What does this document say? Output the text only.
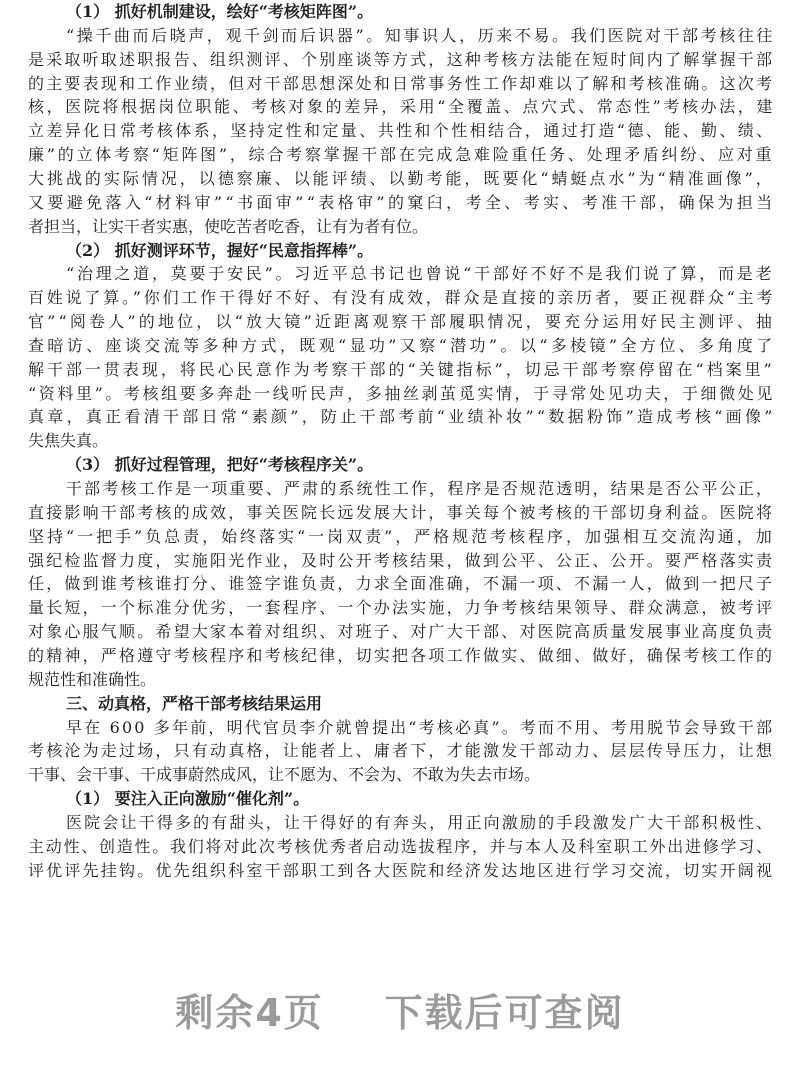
（1） 抓好机制建设，绘好“考核矩阵图”。
“操千曲而后晓声，观千剑而后识器”。知事识人，历来不易。我们医院对干部考核往往
是采取听取述职报告、组织测评、个别座谈等方式，这种考核方法能在短时间内了解掌握干部
的主要表现和工作业绩，但对干部思想深处和日常事务性工作却难以了解和考核准确。这次考
核，医院将根据岗位职能、考核对象的差异，采用“全覆盖、点穴式、常态性”考核办法，建
立差异化日常考核体系，坚持定性和定量、共性和个性相结合，通过打造“德、能、勤、绩、
廉”的立体考察“矩阵图”，综合考察掌握干部在完成急难险重任务、处理矛盾纠纷、应对重
大挑战的实际情况，以德察廉、以能评绩、以勤考能，既要化“蜻蜓点水”为“精准画像”，
又要避免落入“材料审”“书面审”“表格审”的窠臼，考全、考实、考准干部，确保为担当
者担当，让实干者实惠，使吃苦者吃香，让有为者有位。
（2） 抓好测评环节，握好“民意指挥棒”。
“治理之道，莫要于安民”。习近平总书记也曾说“干部好不好不是我们说了算，而是老
百姓说了算。”你们工作干得好不好、有没有成效，群众是直接的亲历者，要正视群众“主考
官”“阅卷人”的地位，以“放大镜”近距离观察干部履职情况，要充分运用好民主测评、抽
查暗访、座谈交流等多种方式，既观“显功”又察“潜功”。以“多棱镜”全方位、多角度了
解干部一贯表现，将民心民意作为考察干部的“关键指标”，切忌干部考察停留在“档案里”
“资料里”。考核组要多奔赴一线听民声，多抽丝剥茧觅实情，于寻常处见功夫，于细微处见
真章，真正看清干部日常“素颜”，防止干部考前“业绩补妆”“数据粉饰”造成考核“画像”
失焦失真。
（3） 抓好过程管理，把好“考核程序关”。
干部考核工作是一项重要、严肃的系统性工作，程序是否规范透明，结果是否公平公正，
直接影响干部考核的成效，事关医院长远发展大计，事关每个被考核的干部切身利益。医院将
坚持“一把手”负总责，始终落实“一岗双责”，严格规范考核程序，加强相互交流沟通，加
强纪检监督力度，实施阳光作业，及时公开考核结果，做到公平、公正、公开。要严格落实责
任，做到谁考核谁打分、谁签字谁负责，力求全面准确，不漏一项、不漏一人，做到一把尺子
量长短，一个标准分优劣，一套程序、一个办法实施，力争考核结果领导、群众满意，被考评
对象心服气顺。希望大家本着对组织、对班子、对广大干部、对医院高质量发展事业高度负责
的精神，严格遵守考核程序和考核纪律，切实把各项工作做实、做细、做好，确保考核工作的
规范性和准确性。
三、动真格，严格干部考核结果运用
早在 600 多年前，明代官员李介就曾提出“考核必真”。考而不用、考用脱节会导致干部
考核沦为走过场，只有动真格，让能者上、庸者下，才能激发干部动力、层层传导压力，让想
干事、会干事、干成事蔚然成风，让不愿为、不会为、不敢为失去市场。
（1） 要注入正向激励“催化剂”。
医院会让干得多的有甜头，让干得好的有奔头，用正向激励的手段激发广大干部积极性、
主动性、创造性。我们将对此次考核优秀者启动选拔程序，并与本人及科室职工外出进修学习、
评优评先挂钩。优先组织科室干部职工到各大医院和经济发达地区进行学习交流，切实开阔视
剩余4页    下载后可查阅
